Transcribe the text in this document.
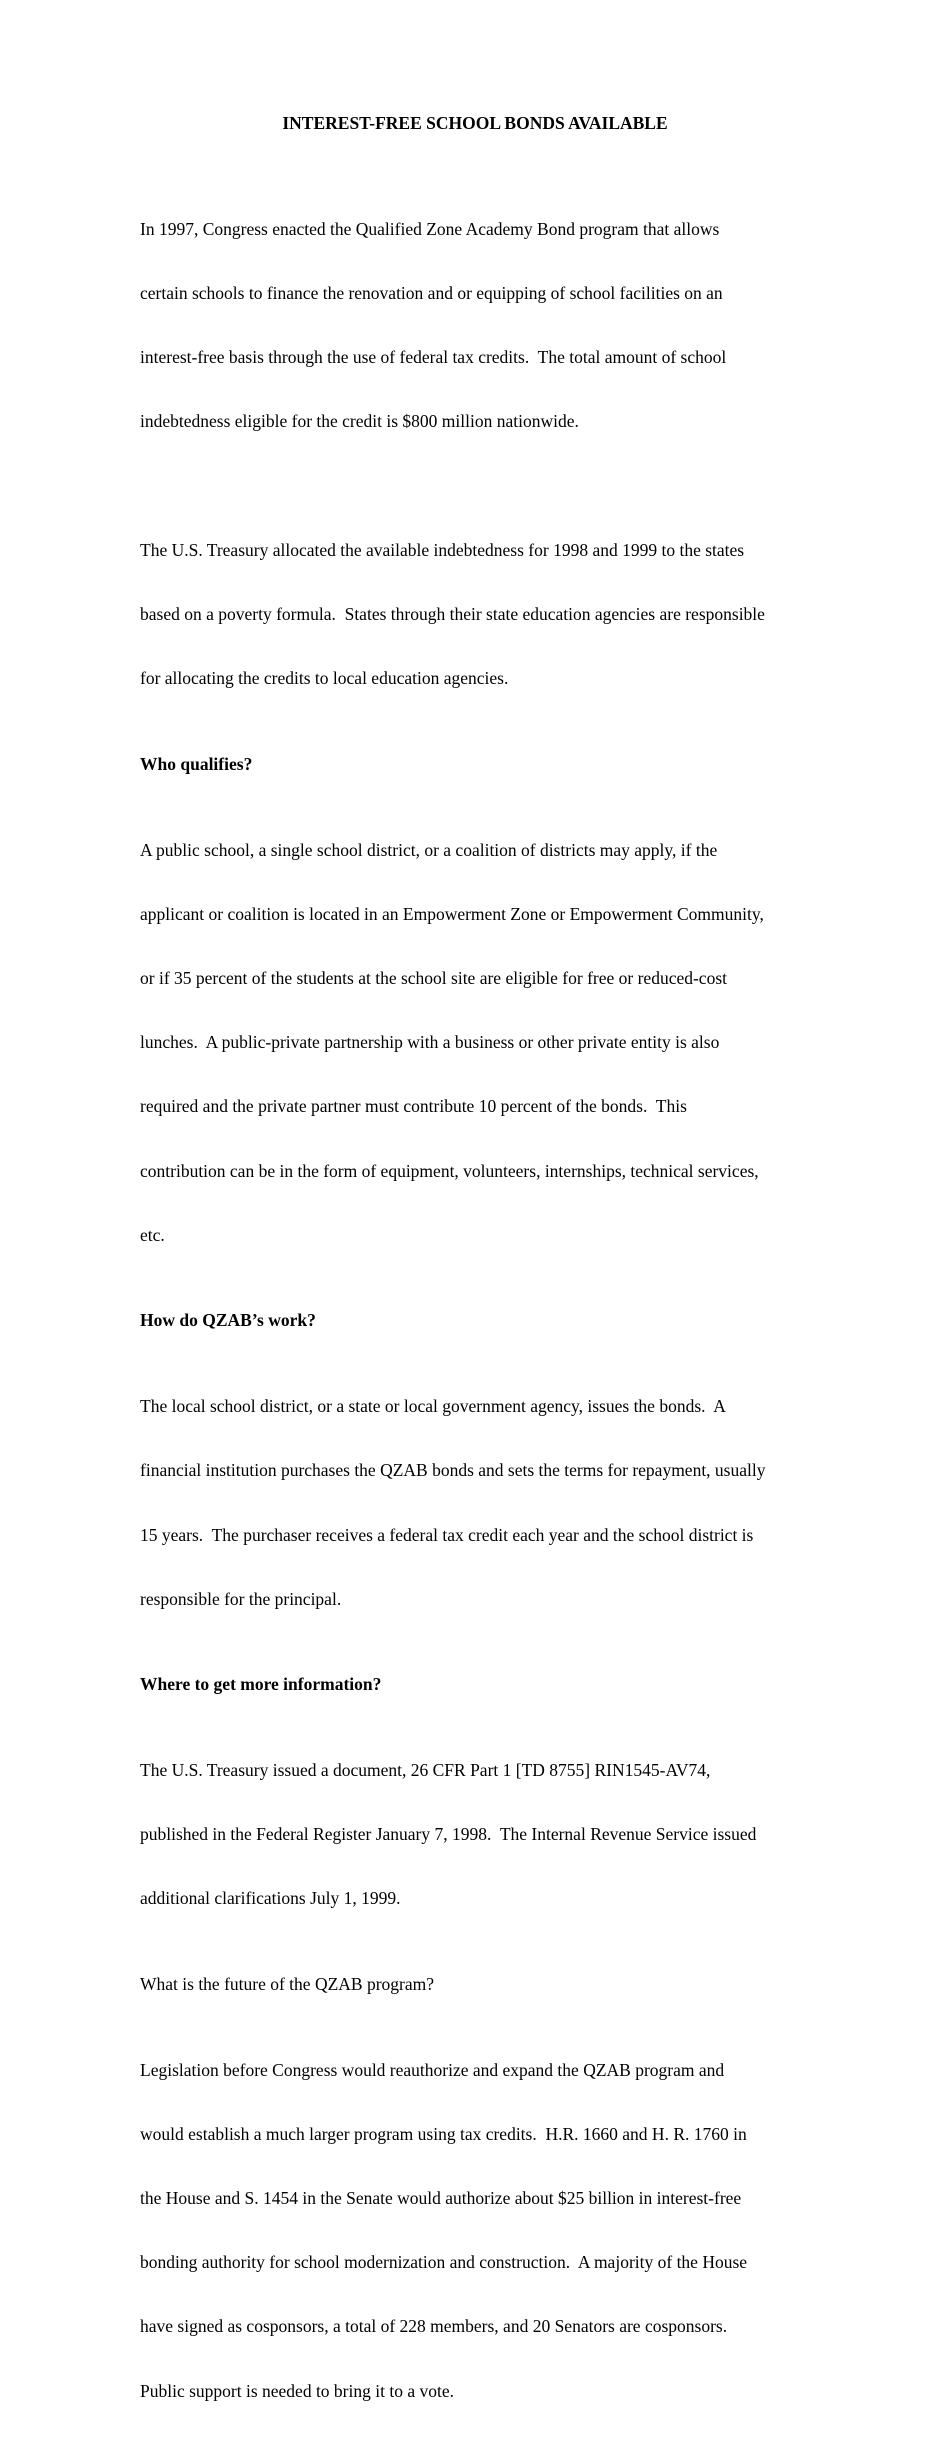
INTEREST-FREE SCHOOL BONDS AVAILABLE

In 1997, Congress enacted the Qualified Zone Academy Bond program that allows

certain schools to finance the renovation and or equipping of school facilities on an

interest-free basis through the use of federal tax credits.  The total amount of school

indebtedness eligible for the credit is $800 million nationwide.

The U.S. Treasury allocated the available indebtedness for 1998 and 1999 to the states

based on a poverty formula.  States through their state education agencies are responsible

for allocating the credits to local education agencies.

Who qualifies?

A public school, a single school district, or a coalition of districts may apply, if the

applicant or coalition is located in an Empowerment Zone or Empowerment Community,

or if 35 percent of the students at the school site are eligible for free or reduced-cost

lunches.  A public-private partnership with a business or other private entity is also

required and the private partner must contribute 10 percent of the bonds.  This

contribution can be in the form of equipment, volunteers, internships, technical services,

etc.

How do QZAB’s work?

The local school district, or a state or local government agency, issues the bonds.  A

financial institution purchases the QZAB bonds and sets the terms for repayment, usually

15 years.  The purchaser receives a federal tax credit each year and the school district is

responsible for the principal.

Where to get more information?

The U.S. Treasury issued a document, 26 CFR Part 1 [TD 8755] RIN1545-AV74,

published in the Federal Register January 7, 1998.  The Internal Revenue Service issued

additional clarifications July 1, 1999.

What is the future of the QZAB program?

Legislation before Congress would reauthorize and expand the QZAB program and

would establish a much larger program using tax credits.  H.R. 1660 and H. R. 1760 in

the House and S. 1454 in the Senate would authorize about $25 billion in interest-free

bonding authority for school modernization and construction.  A majority of the House

have signed as cosponsors, a total of 228 members, and 20 Senators are cosponsors.

Public support is needed to bring it to a vote.
